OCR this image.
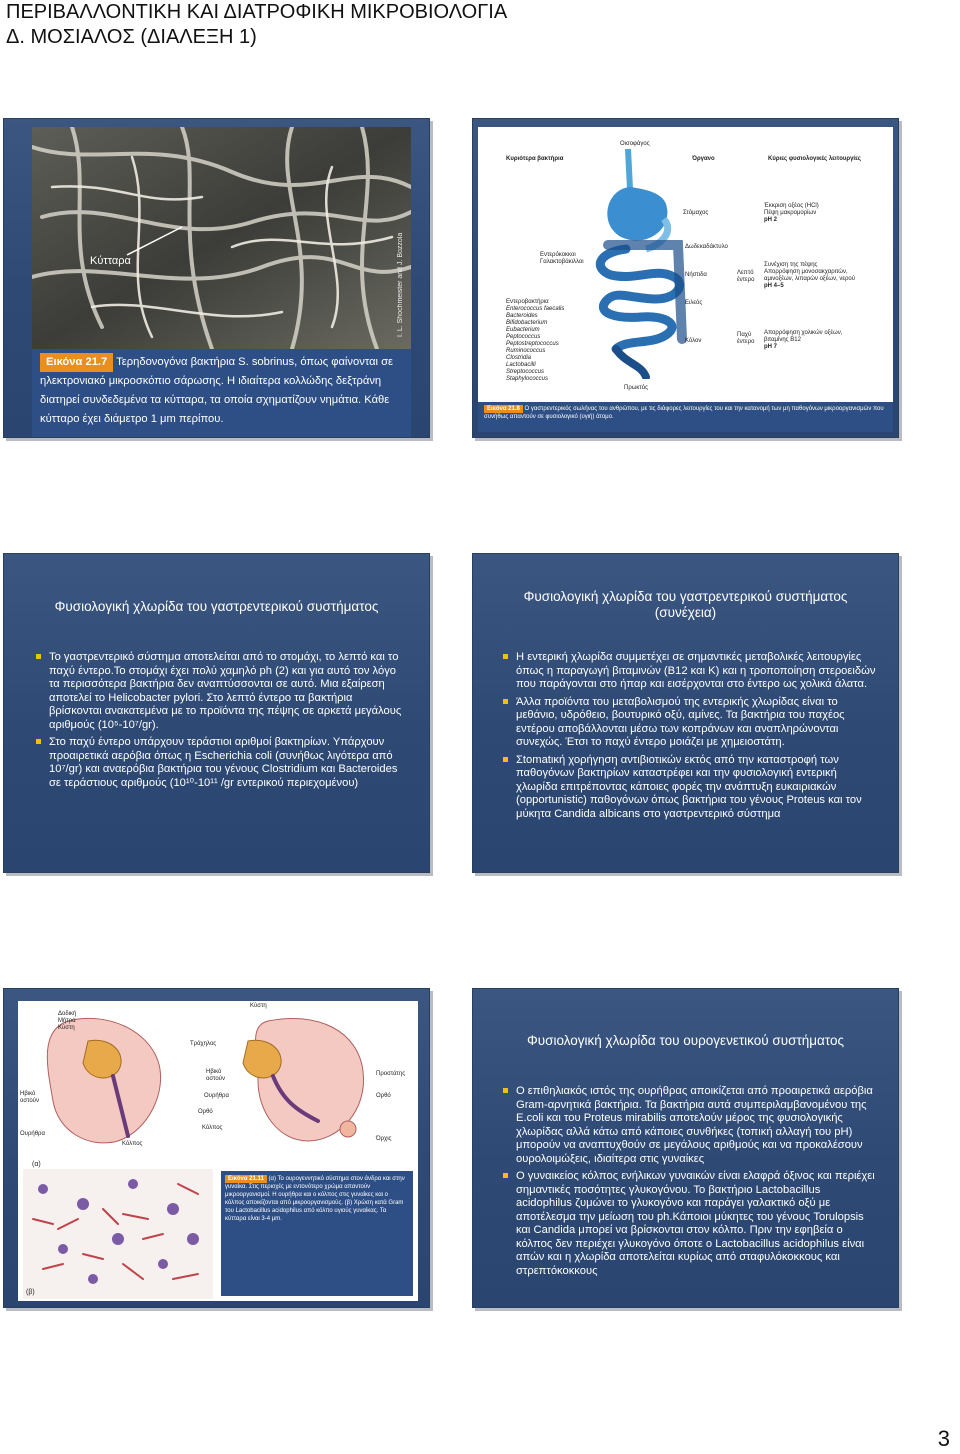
ΠΕΡΙΒΑΛΛΟΝΤΙΚΗ ΚΑΙ ΔΙΑΤΡΟΦΙΚΗ ΜΙΚΡΟΒΙΟΛΟΓΙΑ
Δ. ΜΟΣΙΑΛΟΣ (ΔΙΑΛΕΞΗ 1)
Κύτταρα	I. L. Shochmeister and J. Bozzola
Εικόνα 21.7 Τερηδονογόνα βακτήρια S. sobrinus, όπως φαίνονται σε ηλεκτρονιακό μικροσκόπιο σάρωσης. Η ιδιαίτερα κολλώδης δεξτράνη διατηρεί συνδεδεμένα τα κύτταρα, τα οποία σχηματίζουν νημάτια. Κάθε κύτταρο έχει διάμετρο 1 μm περίπου.
Κυριότερα βακτήρια
Οισοφάγος
Όργανο	Κύριες φυσιολογικές λειτουργίες
Στόμαχος
Δωδεκαδάκτυλο
Νήστιδα
Ειλεός
Κόλον
Πρωκτός
Λεπτό έντερο
Παχύ έντερο
Έκκριση οξέος (HCl)
Πέψη μακρομορίων
pH 2
Συνέχιση της πέψης
Απορρόφηση μονοσακχαριτών,
αμινοξέων, λιπαρών οξέων, νερού
pH 4–5
Απορρόφηση χολικών οξέων,
βιταμίνης B12
pH 7
Εντερόκοκκοι
Γαλακτοβάκιλλοι
Εντεροβακτήρια
Enterococcus faecalis
Bacteroides
Bifidobacterium
Eubacterium
Peptococcus
Peptostreptococcus
Ruminococcus
Clostridia
Lactobacilli
Streptococcus
Staphylococcus
Εικόνα 21.8 Ο γαστρεντερικός σωλήνας του ανθρώπου, με τις διάφορες λειτουργίες του και την κατανομή των μη παθογόνων μικροοργανισμών που συνήθως απαντούν σε φυσιολογικό (υγιή) άτομο.
Φυσιολογική χλωρίδα του γαστρεντερικού συστήματος
Το γαστρεντερικό σύστημα αποτελείται από το στομάχι, το λεπτό και το παχύ έντερο.Το στομάχι έχει πολύ χαμηλό ph (2) και για αυτό τον λόγο τα περισσότερα βακτήρια δεν αναπτύσσονται σε αυτό. Μια εξαίρεση αποτελεί το Helicobacter pylori. Στο λεπτό έντερο τα βακτήρια βρίσκονται ανακατεμένα με το προϊόντα της πέψης σε αρκετά μεγάλους αριθμούς (10⁵-10⁷/gr).
Στο παχύ έντερο υπάρχουν τεράστιοι αριθμοί βακτηρίων. Υπάρχουν προαιρετικά αερόβια όπως η Escherichia coli (συνήθως λιγότερα από 10⁷/gr) και αναερόβια βακτήρια του γένους Clostridium και Bacteroides σε τεράστιους αριθμούς (10¹⁰-10¹¹ /gr εντερικού περιεχομένου)
Φυσιολογική χλωρίδα του γαστρεντερικού συστήματος
(συνέχεια)
Η εντερική χλωρίδα συμμετέχει σε σημαντικές μεταβολικές λειτουργίες όπως η παραγωγή βιταμινών (Β12 και Κ) και η τροποποίηση στεροειδών που παράγονται στο ήπαρ και εισέρχονται στο έντερο ως χολικά άλατα.
Άλλα προϊόντα του μεταβολισμού της εντερικής χλωρίδας είναι το μεθάνιο, υδρόθειο, βουτυρικό οξύ, αμίνες. Τα βακτήρια του παχέος εντέρου αποβάλλονται μέσω των κοπράνων και αναπληρώνονται συνεχώς. Έτσι το παχύ έντερο μοιάζει με χημειοστάτη.
Σtomatική χορήγηση αντιβιοτικών εκτός από την καταστροφή των παθογόνων βακτηρίων καταστρέφει και την φυσιολογική εντερική χλωρίδα επιτρέποντας κάποιες φορές την ανάπτυξη ευκαιριακών (opportunistic) παθογόνων όπως βακτήρια του γένους Proteus και τον μύκητα Candida albicans στο γαστρεντερικό σύστημα
Δοδική
Μήτρα
Κύστη
Ηβικό
οστούν
Ουρήθρα
Κύστη
Τράχηλος
Ηβικό
οστούν
Ουρήθρα
Ορθό
Κόλπος
Κόλπος
Προστάτης
Ορθό
Όρχις
(α)
(β)
Εικόνα 21.11 (α) Το ουρογεννητικό σύστημα στον άνδρα και στην γυναίκα. Στις περιοχές με εντονότερο χρώμα απαντούν μικροοργανισμοί. Η ουρήθρα και ο κόλπος στις γυναίκες και ο κόλπος αποικίζονται από μικροοργανισμούς. (β) Χρώση κατά Gram του Lactobacillus acidophilus από κόλπο υγιούς γυναίκας. Τα κύτταρα είναι 3-4 μm.
Φυσιολογική χλωρίδα του ουρογενετικού συστήματος
Ο επιθηλιακός ιστός της ουρήθρας αποικίζεται από προαιρετικά αερόβια Gram-αρνητικά βακτήρια. Τα βακτήρια αυτά συμπεριλαμβανομένου της E.coli και του Proteus mirabilis αποτελούν μέρος της φυσιολογικής χλωρίδας αλλά κάτω από κάποιες συνθήκες (τοπική αλλαγή του pH) μπορούν να αναπτυχθούν σε μεγάλους αριθμούς και να προκαλέσουν ουρολοιμώξεις, ιδιαίτερα στις γυναίκες
Ο γυναικείος κόλπος ενήλικων γυναικών είναι ελαφρά όξινος και περιέχει σημαντικές ποσότητες γλυκογόνου. Το βακτήριο Lactobacillus acidophilus ζυμώνει το γλυκογόνο και παράγει γαλακτικό οξύ με αποτέλεσμα την μείωση του ph.Κάποιοι μύκητες του γένους Torulopsis και Candida μπορεί να βρίσκονται στον κόλπο. Πριν την εφηβεία ο κόλπος δεν περιέχει γλυκογόνο όποτε ο Lactobacillus acidophilus είναι απών και η χλωρίδα αποτελείται κυρίως από σταφυλόκοκκους και στρεπτόκοκκους
3
